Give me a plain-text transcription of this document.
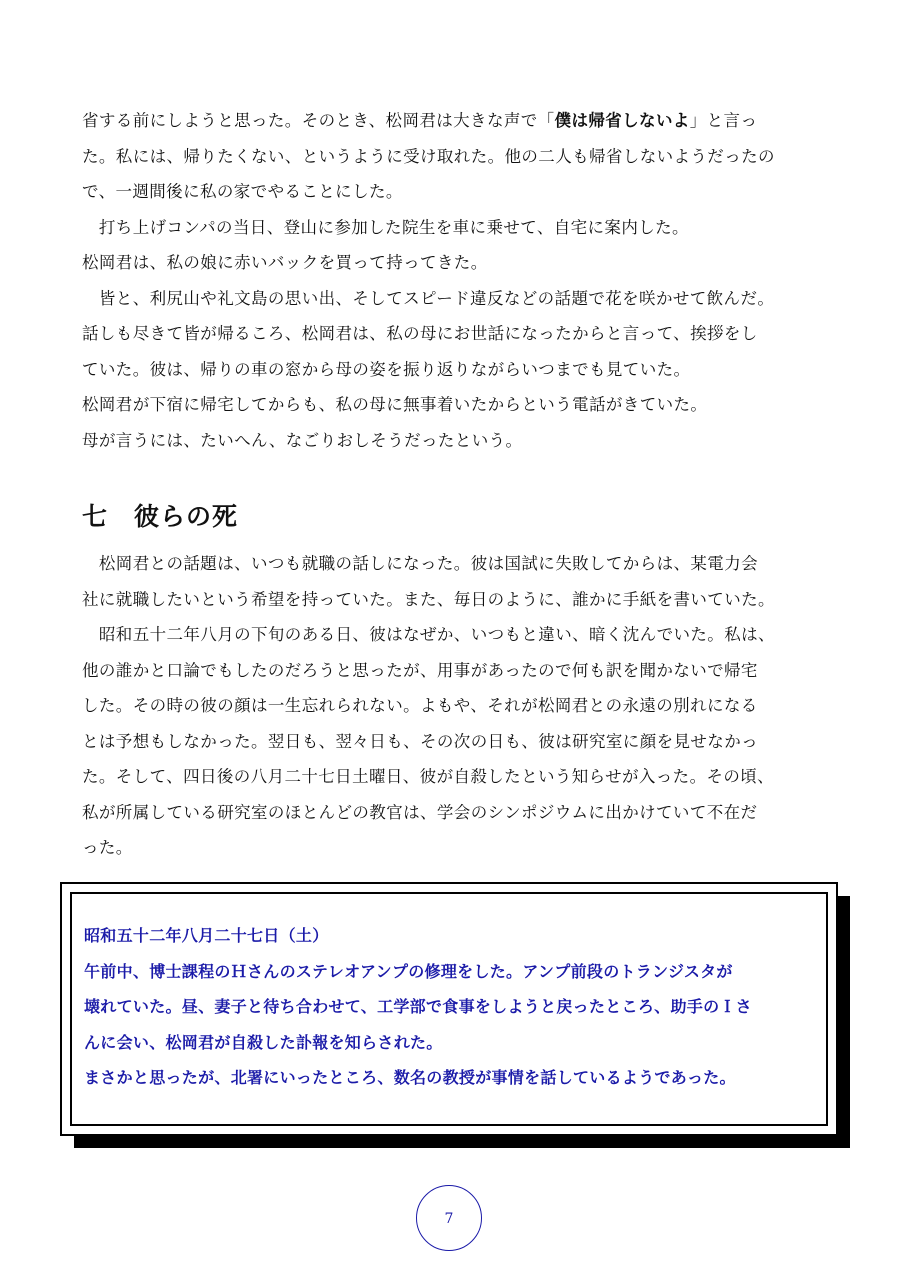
省する前にしようと思った。そのとき、松岡君は大きな声で「僕は帰省しないよ」と言っ
た。私には、帰りたくない、というように受け取れた。他の二人も帰省しないようだったの
で、一週間後に私の家でやることにした。
　打ち上げコンパの当日、登山に参加した院生を車に乗せて、自宅に案内した。
松岡君は、私の娘に赤いバックを買って持ってきた。
　皆と、利尻山や礼文島の思い出、そしてスピード違反などの話題で花を咲かせて飲んだ。
話しも尽きて皆が帰るころ、松岡君は、私の母にお世話になったからと言って、挨拶をし
ていた。彼は、帰りの車の窓から母の姿を振り返りながらいつまでも見ていた。
松岡君が下宿に帰宅してからも、私の母に無事着いたからという電話がきていた。
母が言うには、たいへん、なごりおしそうだったという。
七　彼らの死
　松岡君との話題は、いつも就職の話しになった。彼は国試に失敗してからは、某電力会
社に就職したいという希望を持っていた。また、毎日のように、誰かに手紙を書いていた。
　昭和五十二年八月の下旬のある日、彼はなぜか、いつもと違い、暗く沈んでいた。私は、
他の誰かと口論でもしたのだろうと思ったが、用事があったので何も訳を聞かないで帰宅
した。その時の彼の顔は一生忘れられない。よもや、それが松岡君との永遠の別れになる
とは予想もしなかった。翌日も、翌々日も、その次の日も、彼は研究室に顔を見せなかっ
た。そして、四日後の八月二十七日土曜日、彼が自殺したという知らせが入った。その頃、
私が所属している研究室のほとんどの教官は、学会のシンポジウムに出かけていて不在だ
った。
昭和五十二年八月二十七日（土）
午前中、博士課程のＨさんのステレオアンプの修理をした。アンプ前段のトランジスタが
壊れていた。昼、妻子と待ち合わせて、工学部で食事をしようと戻ったところ、助手のＩさ
んに会い、松岡君が自殺した訃報を知らされた。
まさかと思ったが、北署にいったところ、数名の教授が事情を話しているようであった。
7
